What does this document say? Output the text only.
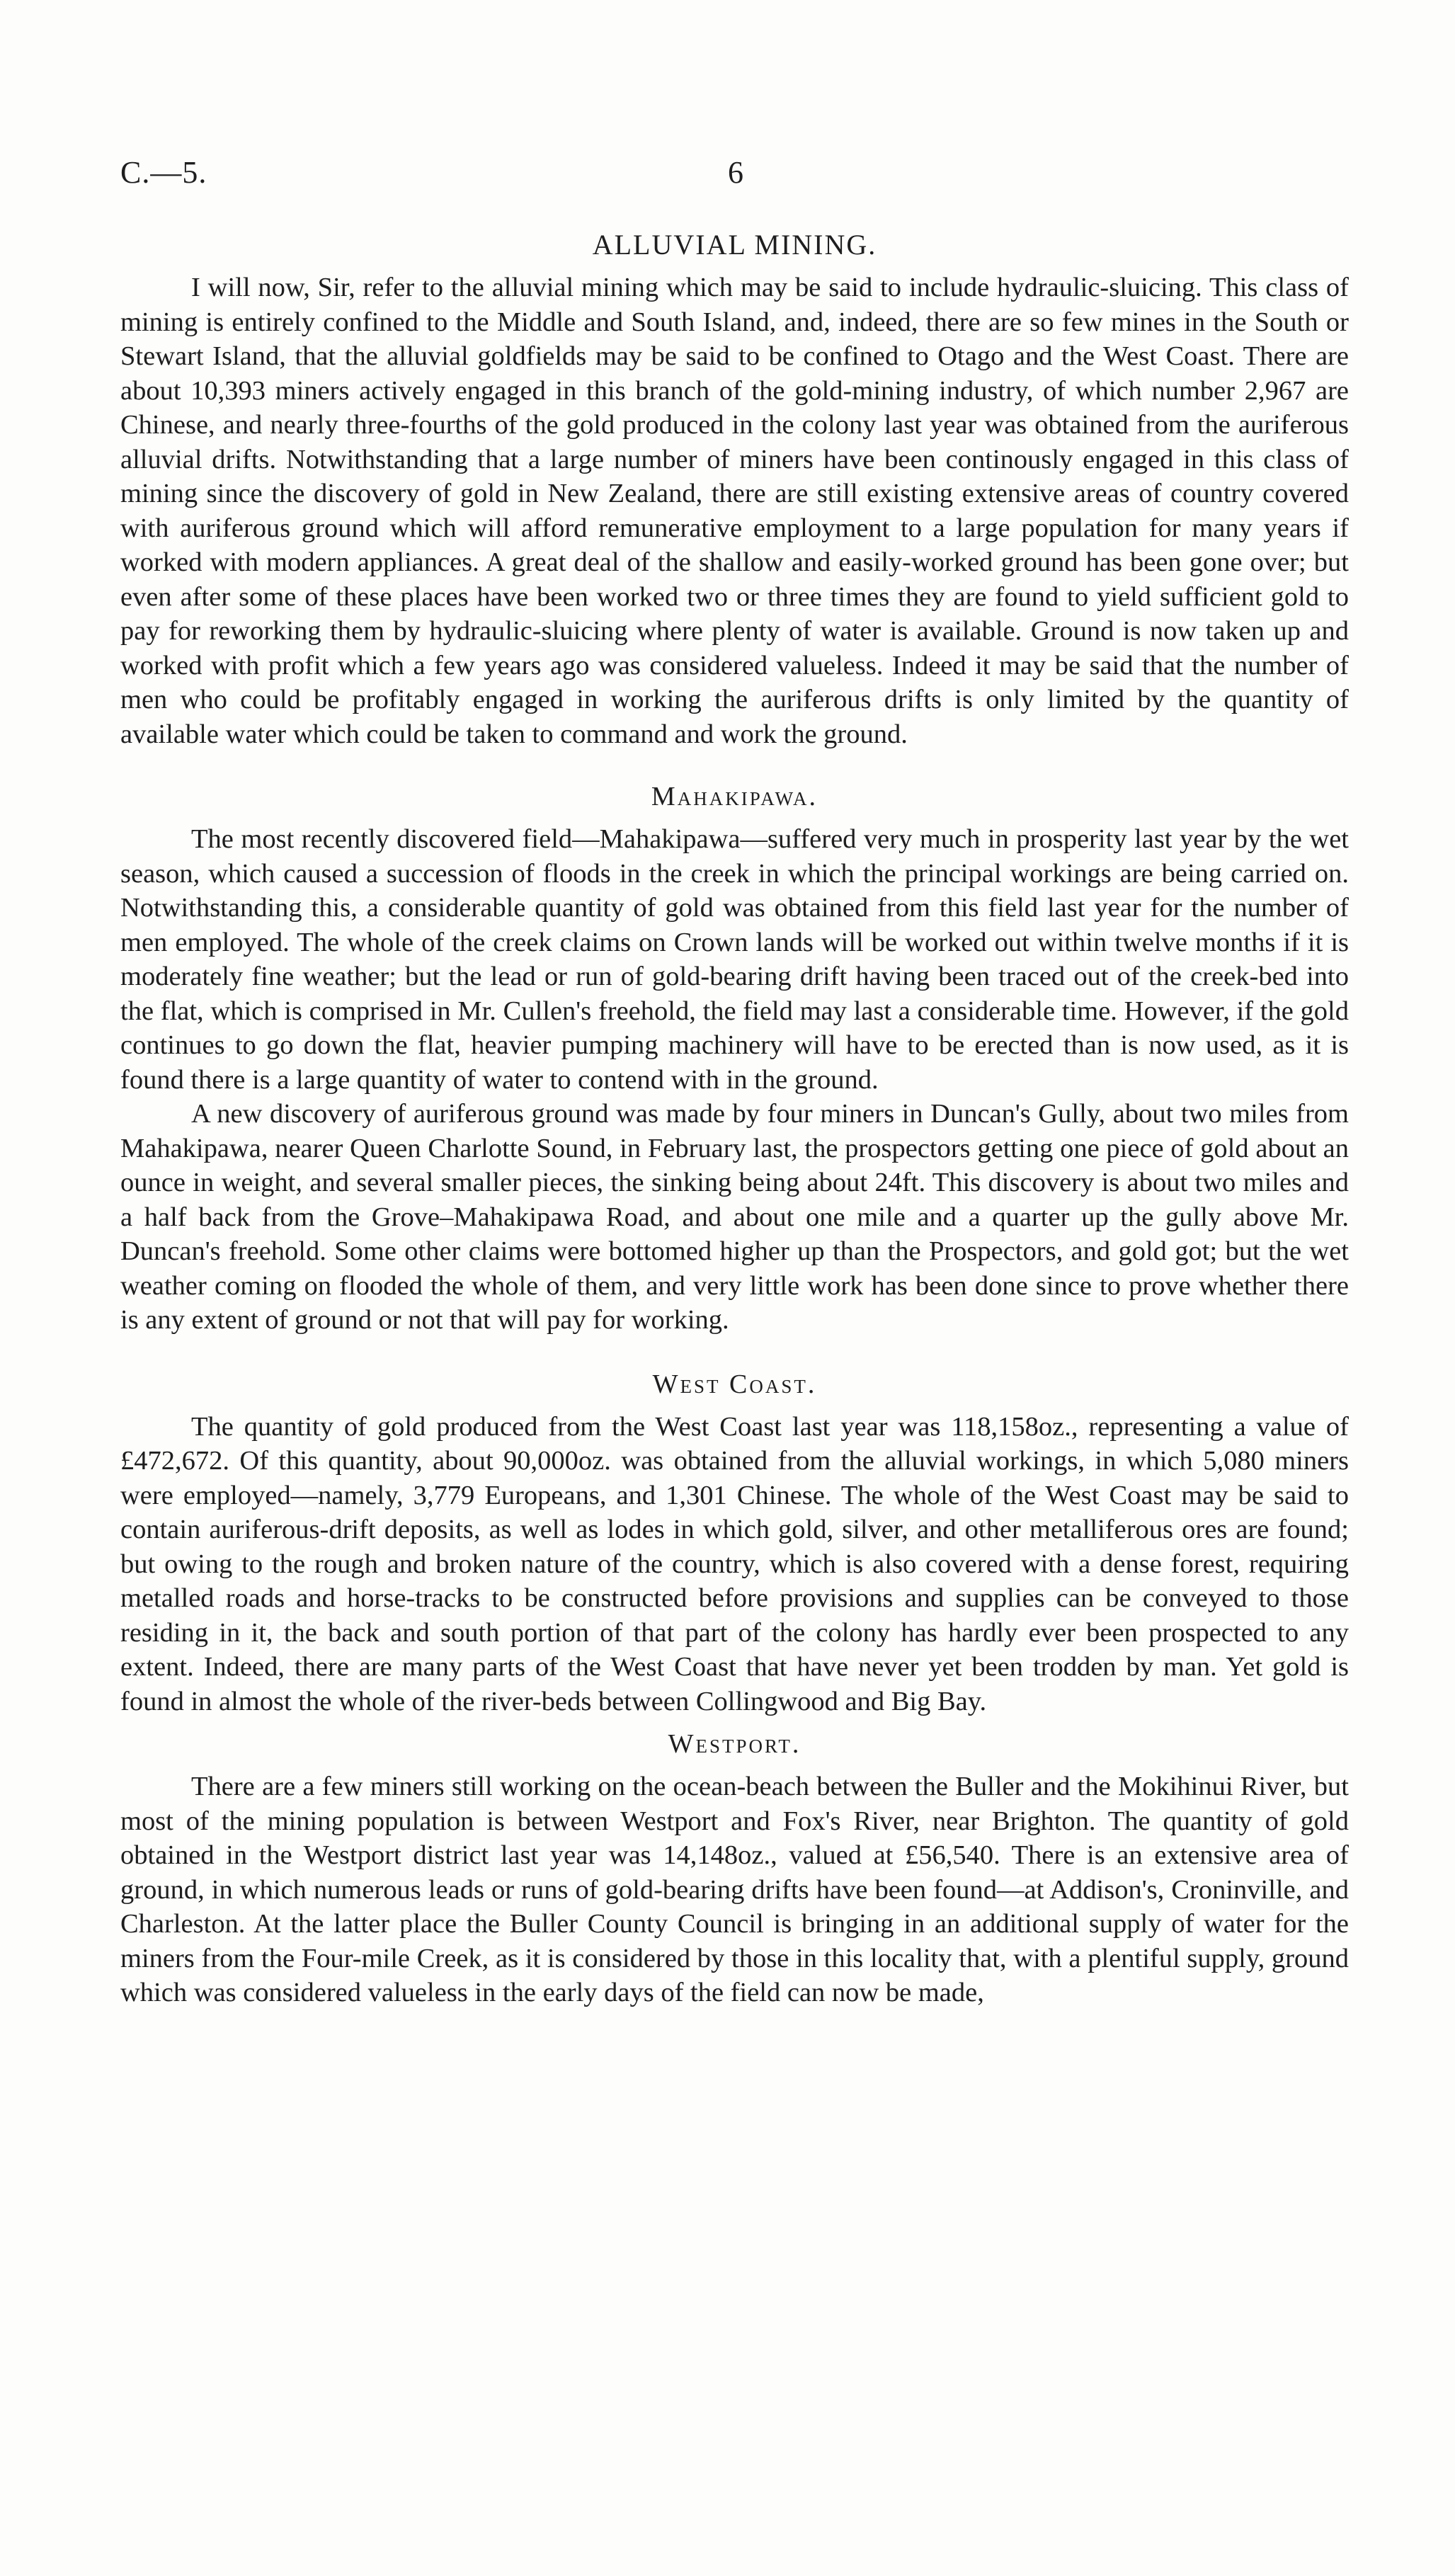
C.—5.	6
ALLUVIAL MINING.

I will now, Sir, refer to the alluvial mining which may be said to include hydraulic-sluicing. This class of mining is entirely confined to the Middle and South Island, and, indeed, there are so few mines in the South or Stewart Island, that the alluvial goldfields may be said to be confined to Otago and the West Coast. There are about 10,393 miners actively engaged in this branch of the gold-mining industry, of which number 2,967 are Chinese, and nearly three-fourths of the gold produced in the colony last year was obtained from the auriferous alluvial drifts. Notwithstanding that a large number of miners have been continously engaged in this class of mining since the discovery of gold in New Zealand, there are still existing extensive areas of country covered with auriferous ground which will afford remunerative employment to a large population for many years if worked with modern appliances. A great deal of the shallow and easily-worked ground has been gone over; but even after some of these places have been worked two or three times they are found to yield sufficient gold to pay for reworking them by hydraulic-sluicing where plenty of water is available. Ground is now taken up and worked with profit which a few years ago was considered valueless. Indeed it may be said that the number of men who could be profitably engaged in working the auriferous drifts is only limited by the quantity of available water which could be taken to command and work the ground.

Mahakipawa.

The most recently discovered field—Mahakipawa—suffered very much in prosperity last year by the wet season, which caused a succession of floods in the creek in which the principal workings are being carried on. Notwithstanding this, a considerable quantity of gold was obtained from this field last year for the number of men employed. The whole of the creek claims on Crown lands will be worked out within twelve months if it is moderately fine weather; but the lead or run of gold-bearing drift having been traced out of the creek-bed into the flat, which is comprised in Mr. Cullen's freehold, the field may last a considerable time. However, if the gold continues to go down the flat, heavier pumping machinery will have to be erected than is now used, as it is found there is a large quantity of water to contend with in the ground.

A new discovery of auriferous ground was made by four miners in Duncan's Gully, about two miles from Mahakipawa, nearer Queen Charlotte Sound, in February last, the prospectors getting one piece of gold about an ounce in weight, and several smaller pieces, the sinking being about 24ft. This discovery is about two miles and a half back from the Grove–Mahakipawa Road, and about one mile and a quarter up the gully above Mr. Duncan's freehold. Some other claims were bottomed higher up than the Prospectors, and gold got; but the wet weather coming on flooded the whole of them, and very little work has been done since to prove whether there is any extent of ground or not that will pay for working.

West Coast.

The quantity of gold produced from the West Coast last year was 118,158oz., representing a value of £472,672. Of this quantity, about 90,000oz. was obtained from the alluvial workings, in which 5,080 miners were employed—namely, 3,779 Europeans, and 1,301 Chinese. The whole of the West Coast may be said to contain auriferous-drift deposits, as well as lodes in which gold, silver, and other metalliferous ores are found; but owing to the rough and broken nature of the country, which is also covered with a dense forest, requiring metalled roads and horse-tracks to be constructed before provisions and supplies can be conveyed to those residing in it, the back and south portion of that part of the colony has hardly ever been prospected to any extent. Indeed, there are many parts of the West Coast that have never yet been trodden by man. Yet gold is found in almost the whole of the river-beds between Collingwood and Big Bay.

Westport.

There are a few miners still working on the ocean-beach between the Buller and the Mokihinui River, but most of the mining population is between Westport and Fox's River, near Brighton. The quantity of gold obtained in the Westport district last year was 14,148oz., valued at £56,540. There is an extensive area of ground, in which numerous leads or runs of gold-bearing drifts have been found—at Addison's, Croninville, and Charleston. At the latter place the Buller County Council is bringing in an additional supply of water for the miners from the Four-mile Creek, as it is considered by those in this locality that, with a plentiful supply, ground which was considered valueless in the early days of the field can now be made,
